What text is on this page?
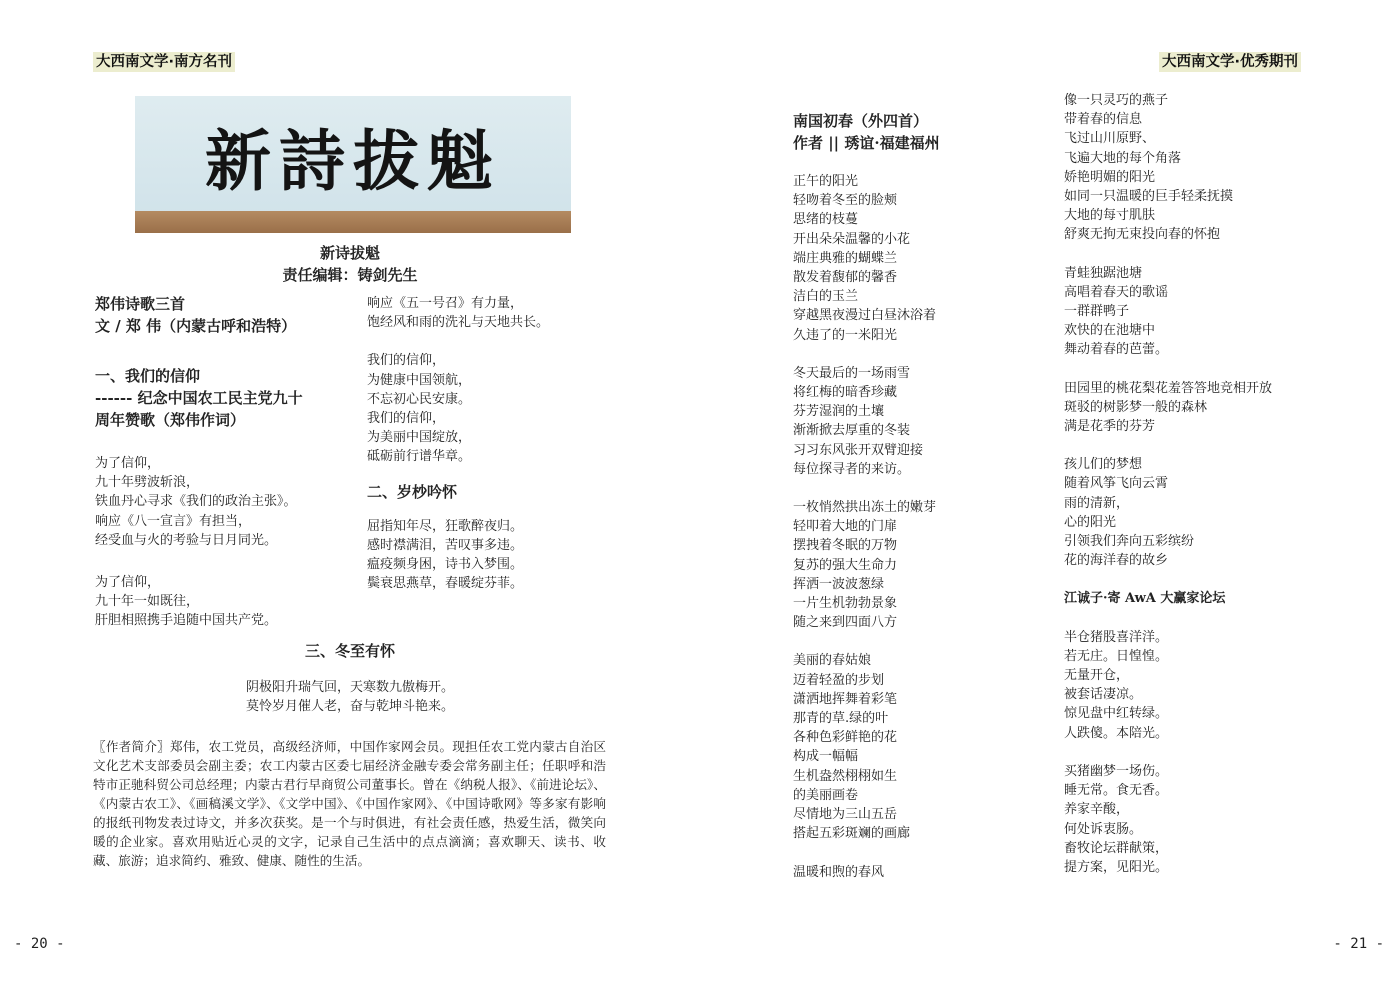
大西南文学·南方名刊	大西南文学·优秀期刊
新詩拔魁
新诗拔魁
责任编辑：铸剑先生
郑伟诗歌三首
文 / 郑 伟（内蒙古呼和浩特）
一、我们的信仰
------ 纪念中国农工民主党九十
周年赞歌（郑伟作词）
为了信仰，
九十年劈波斩浪，
铁血丹心寻求《我们的政治主张》。
响应《八一宣言》有担当，
经受血与火的考验与日月同光。
为了信仰，
九十年一如既往，
肝胆相照携手追随中国共产党。
响应《五一号召》有力量，
饱经风和雨的洗礼与天地共长。
我们的信仰，
为健康中国领航，
不忘初心民安康。
我们的信仰，
为美丽中国绽放，
砥砺前行谱华章。
二、岁杪吟怀
屈指知年尽，狂歌醉夜归。
感时襟满泪，苦叹事多违。
瘟疫频身困，诗书入梦围。
鬓衰思燕草，春暖绽芬菲。
三、冬至有怀
阴极阳升瑞气回，天寒数九傲梅开。
莫怜岁月催人老，奋与乾坤斗艳来。
〖作者简介〗郑伟，农工党员，高级经济师，中国作家网会员。现担任农工党内蒙古自治区文化艺术支部委员会副主委；农工内蒙古区委七届经济金融专委会常务副主任；任职呼和浩特市正驰科贸公司总经理；内蒙古君行早商贸公司董事长。曾在《纳税人报》、《前进论坛》、《内蒙古农工》、《画稿溪文学》、《文学中国》、《中国作家网》、《中国诗歌网》等多家有影响的报纸刊物发表过诗文，并多次获奖。是一个与时俱进，有社会责任感，热爱生活，微笑向暖的企业家。喜欢用贴近心灵的文字，记录自己生活中的点点滴滴；喜欢聊天、读书、收藏、旅游；追求简约、雅致、健康、随性的生活。
南国初春（外四首）
作者 || 琇谊·福建福州
正午的阳光
轻吻着冬至的脸颊
思绪的枝蔓
开出朵朵温馨的小花
端庄典雅的蝴蝶兰
散发着馥郁的馨香
洁白的玉兰
穿越黑夜漫过白昼沐浴着
久违了的一米阳光
冬天最后的一场雨雪
将红梅的暗香珍藏
芬芳湿润的土壤
渐渐掀去厚重的冬装
习习东风张开双臂迎接
每位探寻者的来访。
一枚悄然拱出冻土的嫩芽
轻叩着大地的门扉
摆拽着冬眠的万物
复苏的强大生命力
挥洒一波波葱绿
一片生机勃勃景象
随之来到四面八方
美丽的春姑娘
迈着轻盈的步划
潇洒地挥舞着彩笔
那青的草.绿的叶
各种色彩鲜艳的花
构成一幅幅
生机盎然栩栩如生
的美丽画卷
尽情地为三山五岳
搭起五彩斑斓的画廊
温暖和煦的春风
像一只灵巧的燕子
带着春的信息
飞过山川原野、
飞遍大地的每个角落
娇艳明媚的阳光
如同一只温暖的巨手轻柔抚摸
大地的每寸肌肤
舒爽无拘无束投向春的怀抱
青蛙独踞池塘
高唱着春天的歌谣
一群群鸭子
欢快的在池塘中
舞动着春的芭蕾。
田园里的桃花梨花羞答答地竞相开放
斑驳的树影梦一般的森林
满是花季的芬芳
孩儿们的梦想
随着风筝飞向云霄
雨的清新，
心的阳光
引领我们奔向五彩缤纷
花的海洋春的故乡
江诚子·寄 AwA 大赢家论坛
半仓猪股喜洋洋。
若无庄。日惶惶。
无量开仓，
被套话凄凉。
惊见盘中红转绿。
人跌傻。本陪光。
买猪幽梦一场伤。
睡无常。食无香。
养家辛酸，
何处诉衷肠。
畜牧论坛群献策，
提方案，见阳光。
- 20 -	- 21 -
